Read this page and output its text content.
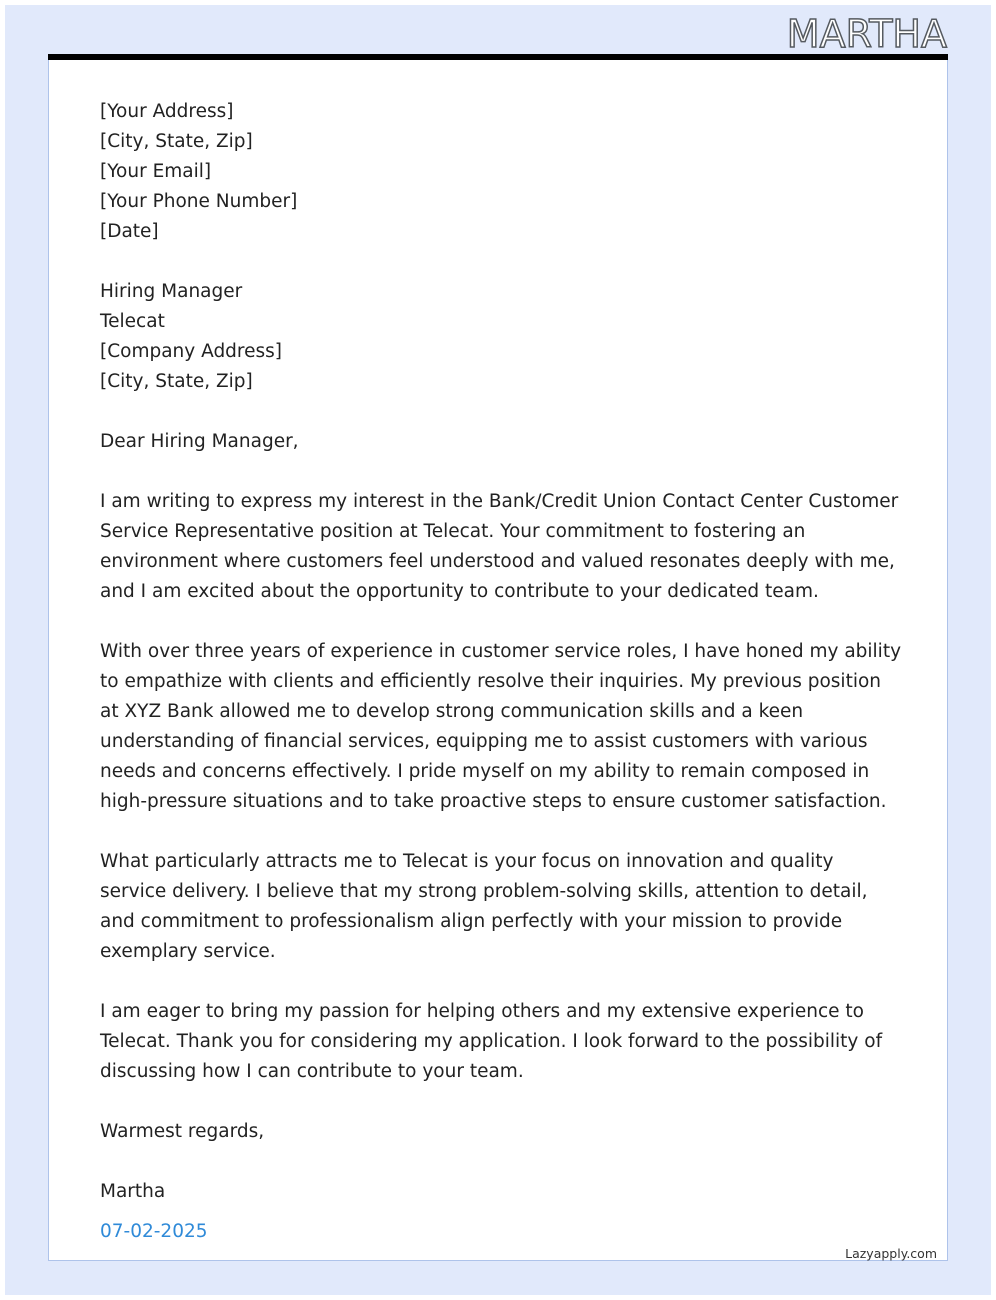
MARTHA
[Your Address]
[City, State, Zip]
[Your Email]
[Your Phone Number]
[Date]
Hiring Manager
Telecat
[Company Address]
[City, State, Zip]
Dear Hiring Manager,

I am writing to express my interest in the Bank/Credit Union Contact Center Customer Service Representative position at Telecat. Your commitment to fostering an environment where customers feel understood and valued resonates deeply with me, and I am excited about the opportunity to contribute to your dedicated team.

With over three years of experience in customer service roles, I have honed my ability to empathize with clients and efficiently resolve their inquiries. My previous position at XYZ Bank allowed me to develop strong communication skills and a keen understanding of financial services, equipping me to assist customers with various needs and concerns effectively. I pride myself on my ability to remain composed in high-pressure situations and to take proactive steps to ensure customer satisfaction.

What particularly attracts me to Telecat is your focus on innovation and quality service delivery. I believe that my strong problem-solving skills, attention to detail, and commitment to professionalism align perfectly with your mission to provide exemplary service.

I am eager to bring my passion for helping others and my extensive experience to Telecat. Thank you for considering my application. I look forward to the possibility of discussing how I can contribute to your team.

Warmest regards,
Martha
07-02-2025
Lazyapply.com
